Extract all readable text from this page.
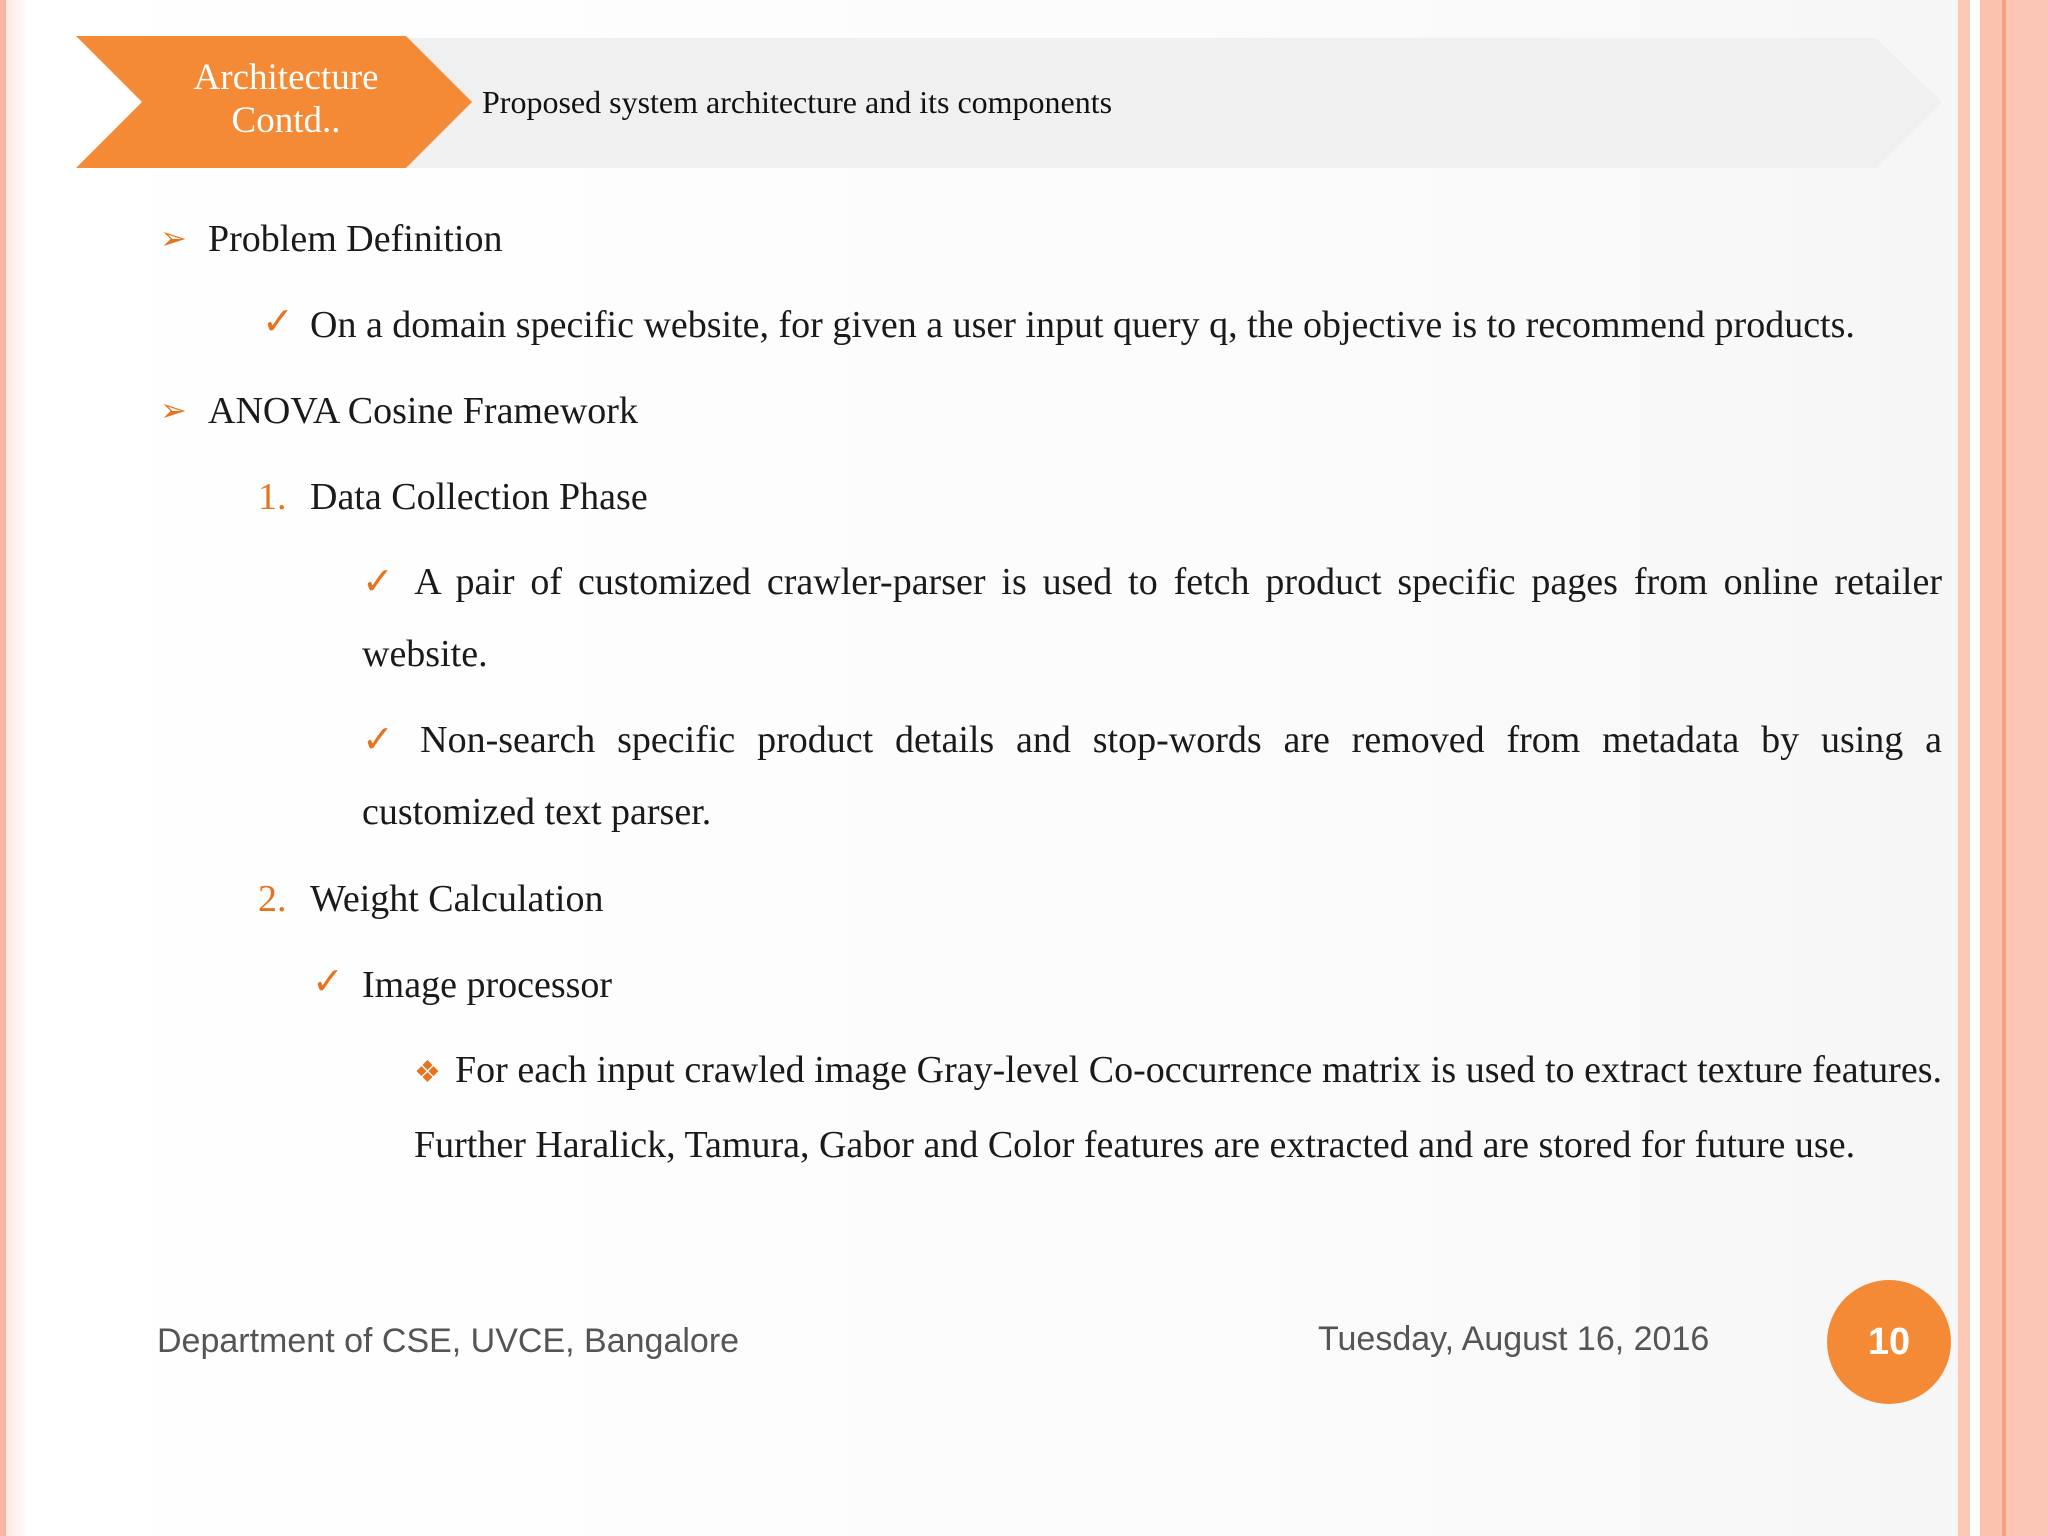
Architecture Contd..	Proposed system architecture and its components
➢ Problem Definition
✓ On a domain specific website, for given a user input query q, the objective is to recommend products.
➢ ANOVA Cosine Framework
1. Data Collection Phase
✓ A pair of customized crawler-parser is used to fetch product specific pages from online retailer website.
✓ Non-search specific product details and stop-words are removed from metadata by using a customized text parser.
2. Weight Calculation
✓ Image processor
❖ For each input crawled image Gray-level Co-occurrence matrix is used to extract texture features. Further Haralick, Tamura, Gabor and Color features are extracted and are stored for future use.
Department of CSE, UVCE, Bangalore	Tuesday, August 16, 2016	10
